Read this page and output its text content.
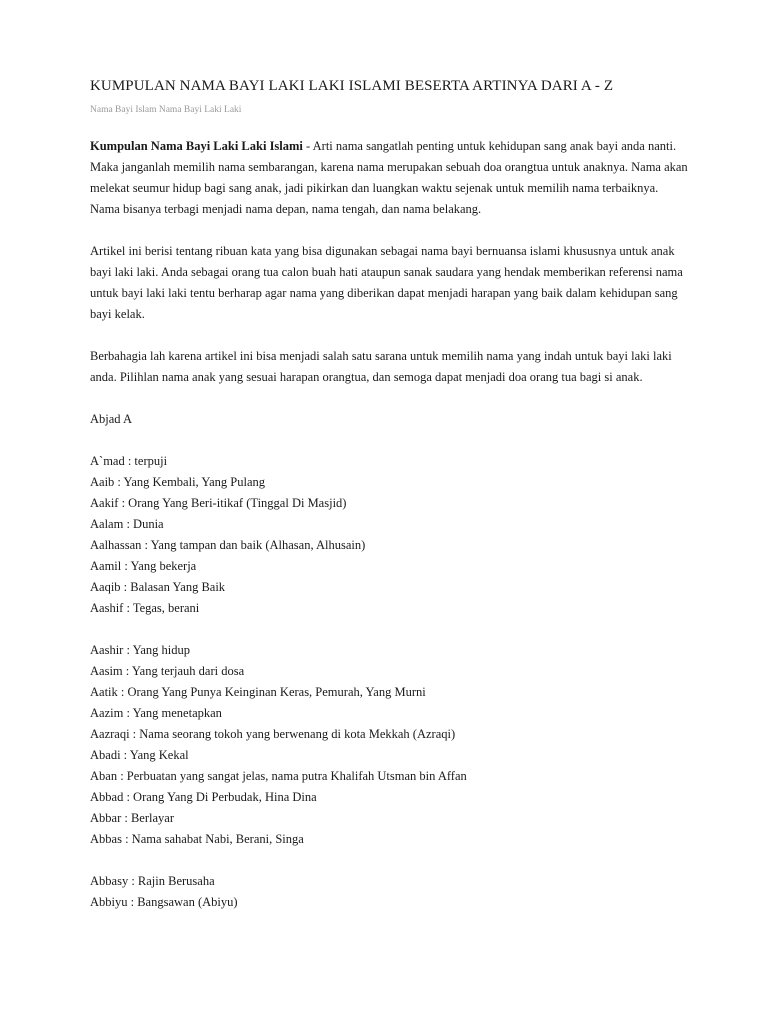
KUMPULAN NAMA BAYI LAKI LAKI ISLAMI BESERTA ARTINYA DARI A - Z
Nama Bayi Islam Nama Bayi Laki Laki

Kumpulan Nama Bayi Laki Laki Islami - Arti nama sangatlah penting untuk kehidupan sang anak bayi anda nanti. Maka janganlah memilih nama sembarangan, karena nama merupakan sebuah doa orangtua untuk anaknya. Nama akan melekat seumur hidup bagi sang anak, jadi pikirkan dan luangkan waktu sejenak untuk memilih nama terbaiknya. Nama bisanya terbagi menjadi nama depan, nama tengah, dan nama belakang.

Artikel ini berisi tentang ribuan kata yang bisa digunakan sebagai nama bayi bernuansa islami khususnya untuk anak bayi laki laki. Anda sebagai orang tua calon buah hati ataupun sanak saudara yang hendak memberikan referensi nama untuk bayi laki laki tentu berharap agar nama yang diberikan dapat menjadi harapan yang baik dalam kehidupan sang bayi kelak.

Berbahagia lah karena artikel ini bisa menjadi salah satu sarana untuk memilih nama yang indah untuk bayi laki laki anda. Pilihlan nama anak yang sesuai harapan orangtua, dan semoga dapat menjadi doa orang tua bagi si anak.

Abjad A
A`mad : terpuji
Aaib : Yang Kembali, Yang Pulang
Aakif : Orang Yang Beri-itikaf (Tinggal Di Masjid)
Aalam : Dunia
Aalhassan : Yang tampan dan baik (Alhasan, Alhusain)
Aamil : Yang bekerja
Aaqib : Balasan Yang Baik
Aashif : Tegas, berani
Aashir : Yang hidup
Aasim : Yang terjauh dari dosa
Aatik : Orang Yang Punya Keinginan Keras, Pemurah, Yang Murni
Aazim : Yang menetapkan
Aazraqi : Nama seorang tokoh yang berwenang di kota Mekkah (Azraqi)
Abadi : Yang Kekal
Aban : Perbuatan yang sangat jelas, nama putra Khalifah Utsman bin Affan
Abbad : Orang Yang Di Perbudak, Hina Dina
Abbar : Berlayar
Abbas : Nama sahabat Nabi, Berani, Singa
Abbasy : Rajin Berusaha
Abbiyu : Bangsawan (Abiyu)
